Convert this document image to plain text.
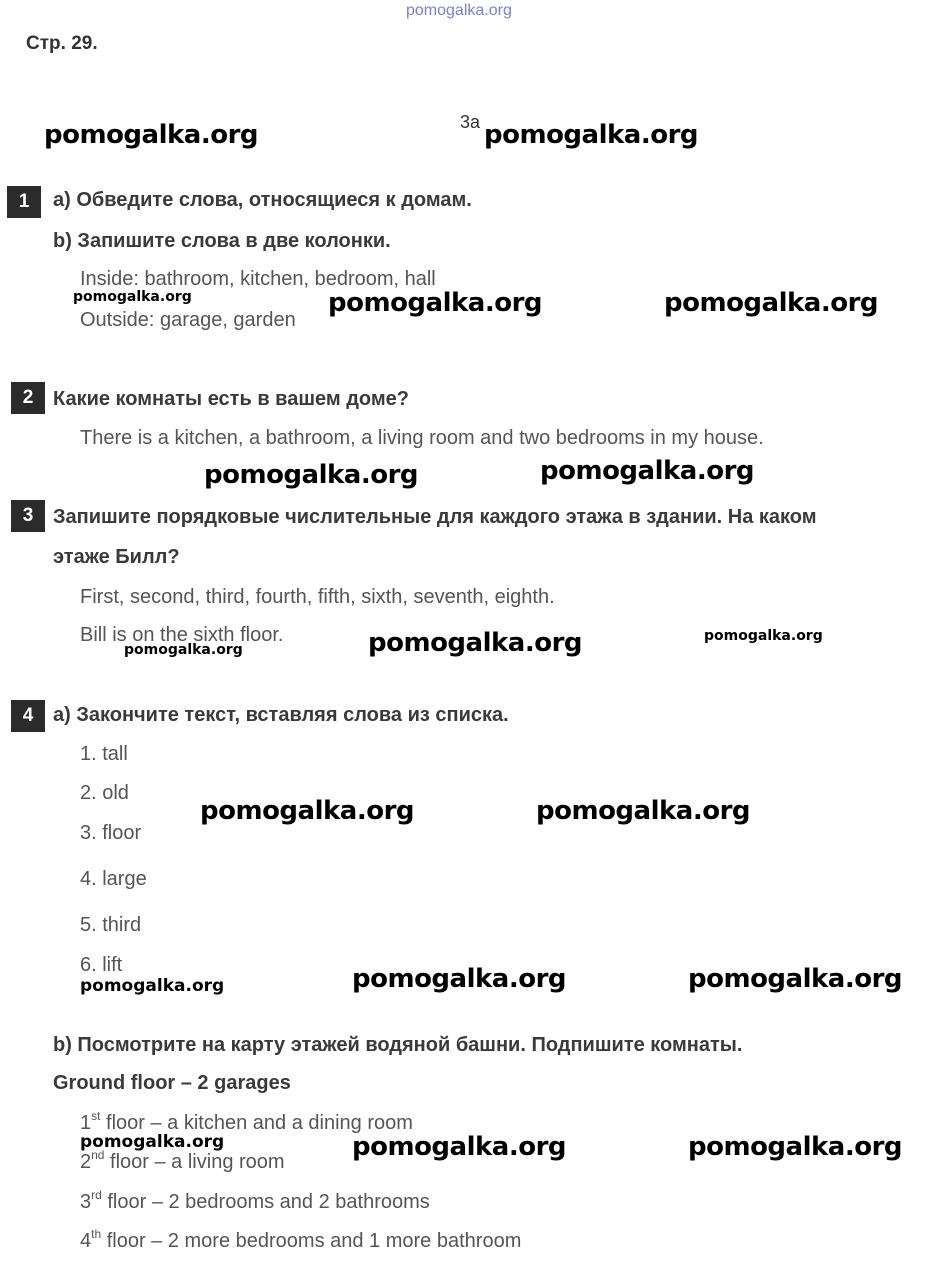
pomogalka.org
Стр. 29.
3a
pomogalka.org	pomogalka.org
1	a) Обведите слова, относящиеся к домам.
b) Запишите слова в две колонки.
Inside: bathroom, kitchen, bedroom, hall
pomogalka.org
Outside: garage, garden
pomogalka.org	pomogalka.org
2 Какие комнаты есть в вашем доме?
There is a kitchen, a bathroom, a living room and two bedrooms in my house.
pomogalka.org	pomogalka.org
3 Запишите порядковые числительные для каждого этажа в здании. На каком
этаже Билл?
First, second, third, fourth, fifth, sixth, seventh, eighth.
Bill is on the sixth floor.
pomogalka.org	pomogalka.org	pomogalka.org
4 a) Закончите текст, вставляя слова из списка.
1. tall
2. old
3. floor
4. large
5. third
6. lift
pomogalka.org	pomogalka.org
pomogalka.org	pomogalka.org	pomogalka.org
b) Посмотрите на карту этажей водяной башни. Подпишите комнаты.
Ground floor – 2 garages
1st floor – a kitchen and a dining room
pomogalka.org
2nd floor – a living room	pomogalka.org	pomogalka.org
3rd floor – 2 bedrooms and 2 bathrooms
4th floor – 2 more bedrooms and 1 more bathroom
